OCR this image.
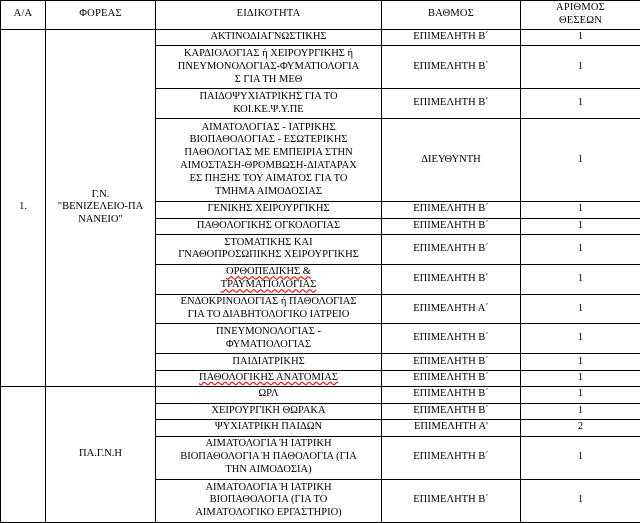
Α/Α	ΦΟΡΕΑΣ	ΕΙΔΙΚΟΤΗΤΑ	ΒΑΘΜΟΣ	ΑΡΙΘΜΟΣ
ΘΕΣΕΩΝ
1.	Γ.Ν.
"ΒΕΝΙΖΕΛΕΙΟ-ΠΑ
ΝΑΝΕΙΟ"	ΑΚΤΙΝΟΔΙΑΓΝΩΣΤΙΚΗΣ	ΕΠΙΜΕΛΗΤΗ Β΄	1
		ΚΑΡΔΙΟΛΟΓΙΑΣ ή ΧΕΙΡΟΥΡΓΙΚΗΣ ή
ΠΝΕΥΜΟΝΟΛΟΓΙΑΣ-ΦΥΜΑΤΙΟΛΟΓΙΑ
Σ ΓΙΑ ΤΗ ΜΕΘ	ΕΠΙΜΕΛΗΤΗ Β΄	1
		ΠΑΙΔΟΨΥΧΙΑΤΡΙΚΗΣ ΓΙΑ ΤΟ
ΚΟΙ.ΚΕ.Ψ.Υ.ΠΕ	ΕΠΙΜΕΛΗΤΗ Β΄	1
ΑΙΜΑΤΟΛΟΓΙΑΣ - ΙΑΤΡΙΚΗΣ
ΒΙΟΠΑΘΟΛΟΓΙΑΣ - ΕΣΩΤΕΡΙΚΗΣ
ΠΑΘΟΛΟΓΙΑΣ ΜΕ ΕΜΠΕΙΡΙΑ ΣΤΗΝ
ΑΙΜΟΣΤΑΣΗ-ΘΡΟΜΒΩΣΗ-ΔΙΑΤΑΡΑΧ
ΕΣ ΠΗΞΗΣ ΤΟΥ ΑΙΜΑΤΟΣ ΓΙΑ ΤΟ
ΤΜΗΜΑ ΑΙΜΟΔΟΣΙΑΣ	ΔΙΕΥΘΥΝΤΗ	1
		ΓΕΝΙΚΗΣ ΧΕΙΡΟΥΡΓΙΚΗΣ	ΕΠΙΜΕΛΗΤΗ Β΄	1
		ΠΑΘΟΛΟΓΙΚΗΣ ΟΓΚΟΛΟΓΙΑΣ	ΕΠΙΜΕΛΗΤΗ Β΄	1
		ΣΤΟΜΑΤΙΚΗΣ ΚΑΙ
ΓΝΑΘΟΠΡΟΣΩΠΙΚΗΣ ΧΕΙΡΟΥΡΓΙΚΗΣ	ΕΠΙΜΕΛΗΤΗ Β΄	1
		ΟΡΘΟΠΕΔΙΚΗΣ &
ΤΡΑΥΜΑΤΙΟΛΟΓΙΑΣ	ΕΠΙΜΕΛΗΤΗ Β΄	1
		ΕΝΔΟΚΡΙΝΟΛΟΓΙΑΣ ή ΠΑΘΟΛΟΓΙΑΣ
ΓΙΑ ΤΟ ΔΙΑΒΗΤΟΛΟΓΙΚΟ ΙΑΤΡΕΙΟ	ΕΠΙΜΕΛΗΤΗ Α΄	1
		ΠΝΕΥΜΟΝΟΛΟΓΙΑΣ -
ΦΥΜΑΤΙΟΛΟΓΙΑΣ	ΕΠΙΜΕΛΗΤΗ Β΄	1
		ΠΑΙΔΙΑΤΡΙΚΗΣ	ΕΠΙΜΕΛΗΤΗ Β΄	1
		ΠΑΘΟΛΟΓΙΚΗΣ ΑΝΑΤΟΜΙΑΣ	ΕΠΙΜΕΛΗΤΗ Β΄	1
	ΠΑ.Γ.Ν.Η	ΩΡΛ	ΕΠΙΜΕΛΗΤΗ Β΄	1
		ΧΕΙΡΟΥΡΓΙΚΗ ΘΩΡΑΚΑ	ΕΠΙΜΕΛΗΤΗ Β΄	1
		ΨΥΧΙΑΤΡΙΚΗ ΠΑΙΔΩΝ	ΕΠΙΜΕΛΗΤΗ Α'	2
		ΑΙΜΑΤΟΛΟΓΙΑ Ή ΙΑΤΡΙΚΗ
ΒΙΟΠΑΘΟΛΟΓΙΑ Ή ΠΑΘΟΛΟΓΙΑ (ΓΙΑ
ΤΗΝ ΑΙΜΟΔΟΣΙΑ)	ΕΠΙΜΕΛΗΤΗ Β΄	1
		ΑΙΜΑΤΟΛΟΓΙΑ Ή ΙΑΤΡΙΚΗ
ΒΙΟΠΑΘΟΛΟΓΙΑ (ΓΙΑ ΤΟ
ΑΙΜΑΤΟΛΟΓΙΚΟ ΕΡΓΑΣΤΗΡΙΟ)	ΕΠΙΜΕΛΗΤΗ Β΄	1
